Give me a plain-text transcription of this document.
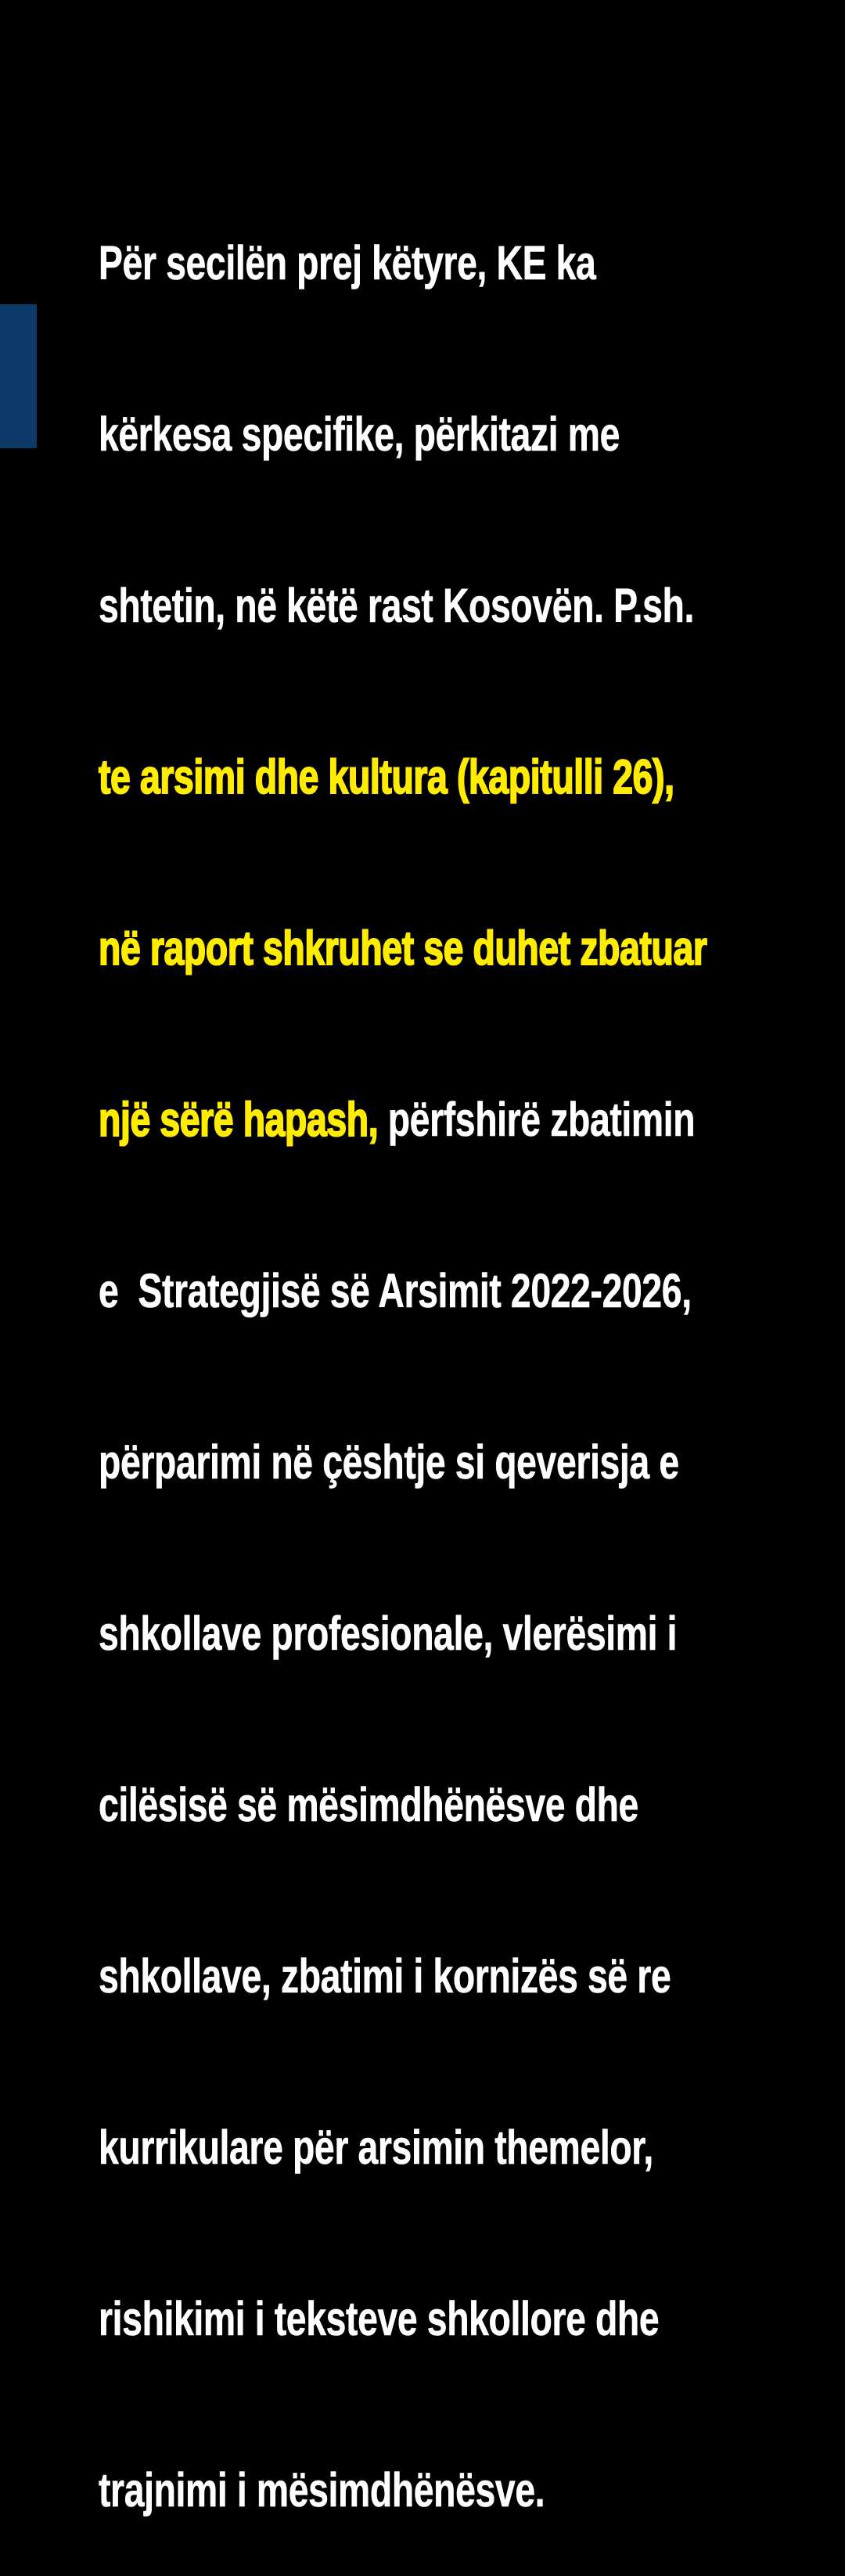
Për secilën prej këtyre, KE ka

kërkesa specifike, përkitazi me

shtetin, në këtë rast Kosovën. P.sh.

te arsimi dhe kultura (kapitulli 26),

në raport shkruhet se duhet zbatuar

një sërë hapash, përfshirë zbatimin

e  Strategjisë së Arsimit 2022-2026,

përparimi në çështje si qeverisja e

shkollave profesionale, vlerësimi i

cilësisë së mësimdhënësve dhe

shkollave, zbatimi i kornizës së re

kurrikulare për arsimin themelor,

rishikimi i teksteve shkollore dhe

trajnimi i mësimdhënësve.
